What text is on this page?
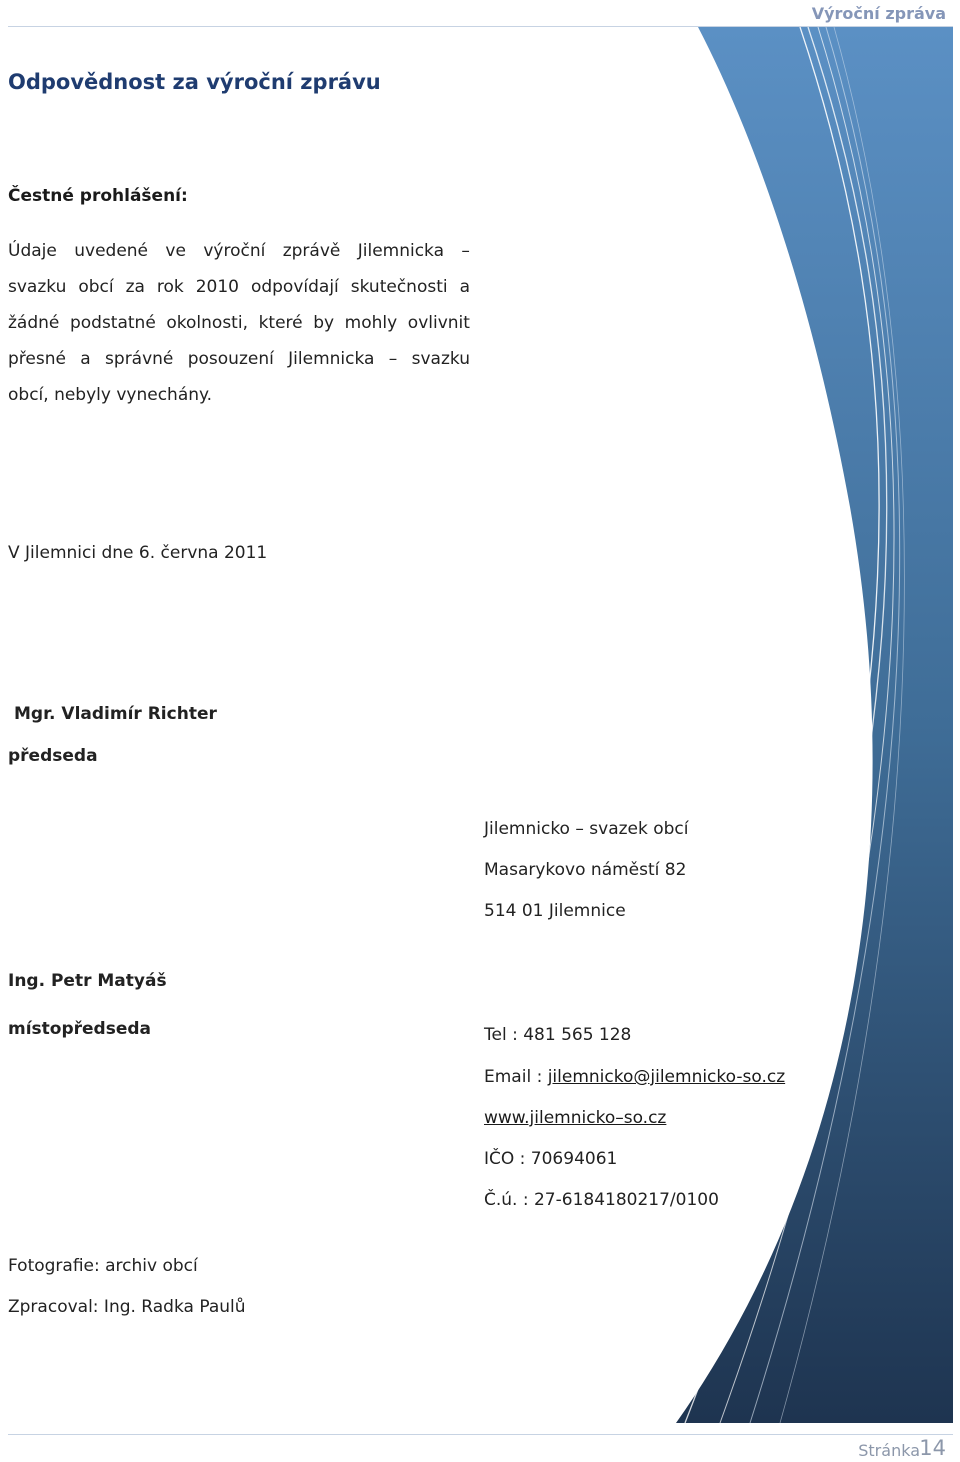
Výroční zpráva
Odpovědnost za výroční zprávu
Čestné prohlášení:
Údaje uvedené ve výroční zprávě Jilemnicka –
svazku obcí za rok 2010 odpovídají skutečnosti a
žádné podstatné okolnosti, které by mohly ovlivnit
přesné a správné posouzení Jilemnicka – svazku
obcí, nebyly vynechány.
V Jilemnici dne 6. června 2011
Mgr. Vladimír Richter
předseda
Jilemnicko – svazek obcí
Masarykovo náměstí 82
514 01 Jilemnice
Ing. Petr Matyáš
místopředseda	Tel : 481 565 128
Email : jilemnicko@jilemnicko-so.cz
www.jilemnicko–so.cz
IČO : 70694061
Č.ú. : 27-6184180217/0100
Fotografie: archiv obcí
Zpracoval: Ing. Radka Paulů
Stránka 14
